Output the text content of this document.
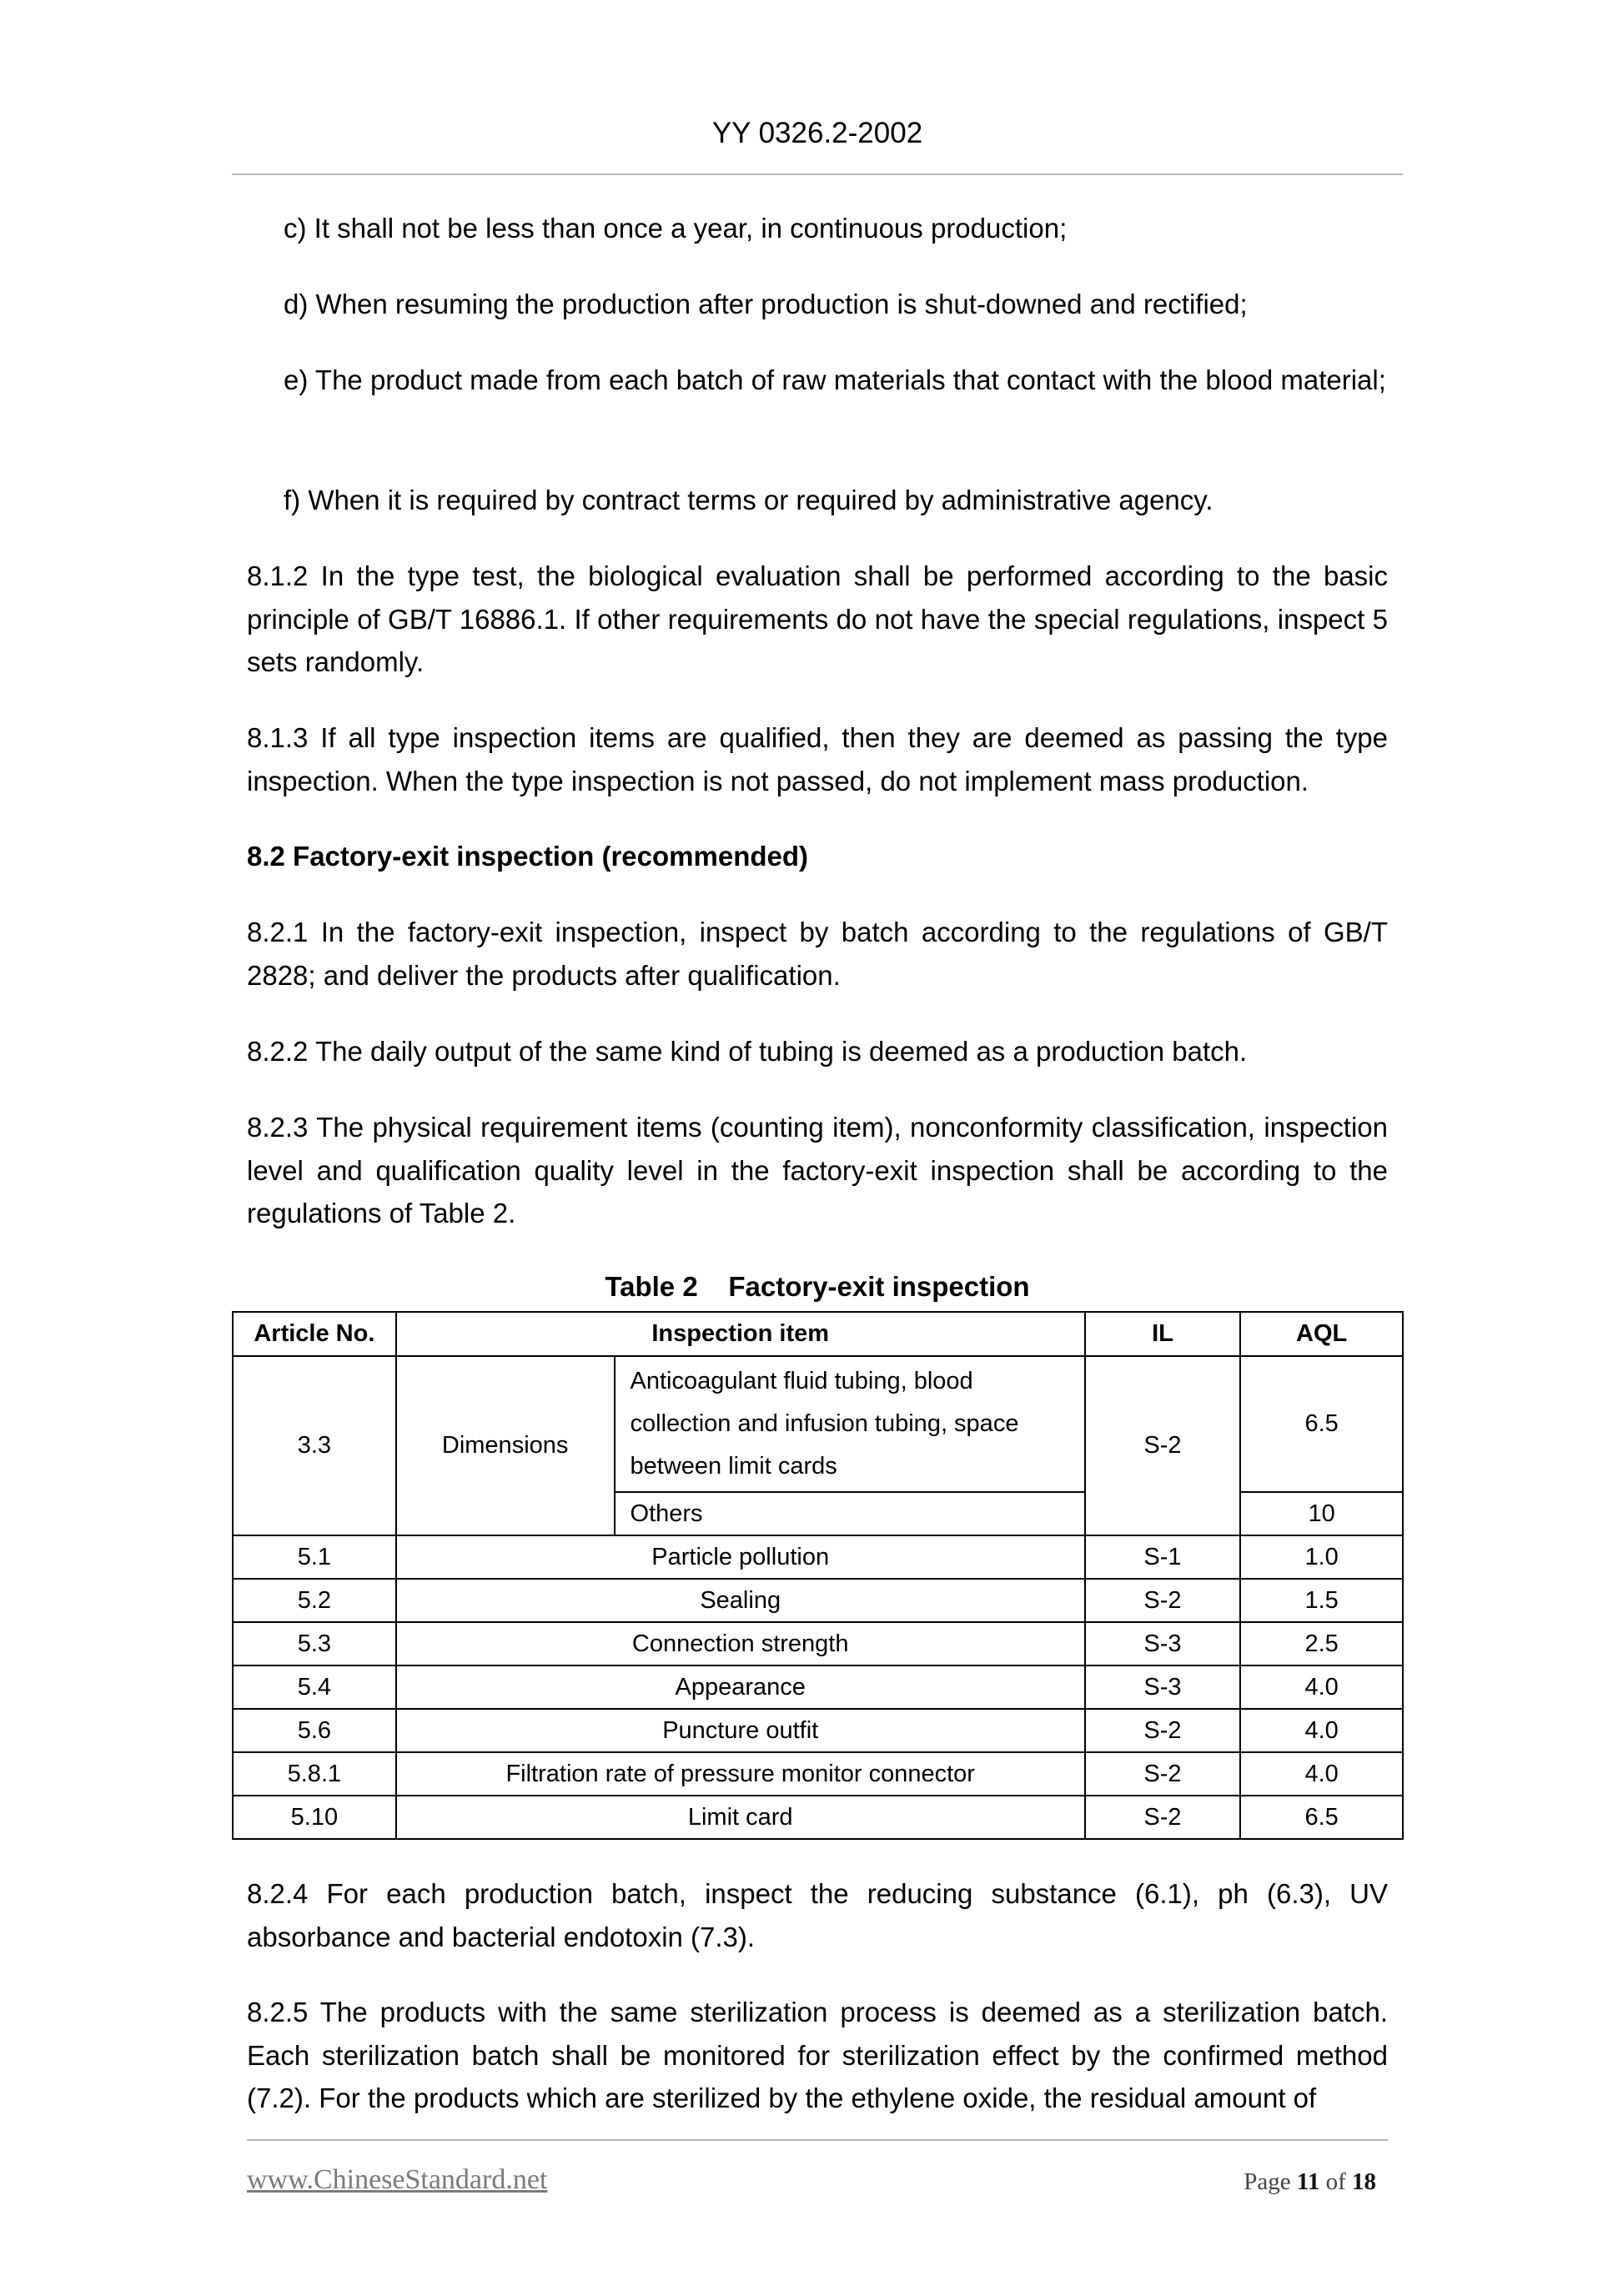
YY 0326.2-2002

c) It shall not be less than once a year, in continuous production;

d) When resuming the production after production is shut-downed and rectified;

e) The product made from each batch of raw materials that contact with the blood material;

f) When it is required by contract terms or required by administrative agency.

8.1.2 In the type test, the biological evaluation shall be performed according to the basic principle of GB/T 16886.1. If other requirements do not have the special regulations, inspect 5 sets randomly.

8.1.3 If all type inspection items are qualified, then they are deemed as passing the type inspection. When the type inspection is not passed, do not implement mass production.

8.2 Factory-exit inspection (recommended)

8.2.1 In the factory-exit inspection, inspect by batch according to the regulations of GB/T 2828; and deliver the products after qualification.

8.2.2 The daily output of the same kind of tubing is deemed as a production batch.

8.2.3 The physical requirement items (counting item), nonconformity classification, inspection level and qualification quality level in the factory-exit inspection shall be according to the regulations of Table 2.

Table 2    Factory-exit inspection
Article No.	Inspection item		IL	AQL
3.3	Dimensions	Anticoagulant fluid tubing, blood collection and infusion tubing, space between limit cards	S-2	6.5
		Others		10
5.1	Particle pollution		S-1	1.0
5.2	Sealing		S-2	1.5
5.3	Connection strength		S-3	2.5
5.4	Appearance		S-3	4.0
5.6	Puncture outfit		S-2	4.0
5.8.1	Filtration rate of pressure monitor connector		S-2	4.0
5.10	Limit card		S-2	6.5

8.2.4 For each production batch, inspect the reducing substance (6.1), ph (6.3), UV absorbance and bacterial endotoxin (7.3).

8.2.5 The products with the same sterilization process is deemed as a sterilization batch. Each sterilization batch shall be monitored for sterilization effect by the confirmed method (7.2). For the products which are sterilized by the ethylene oxide, the residual amount of

www.ChineseStandard.net	Page 11 of 18
